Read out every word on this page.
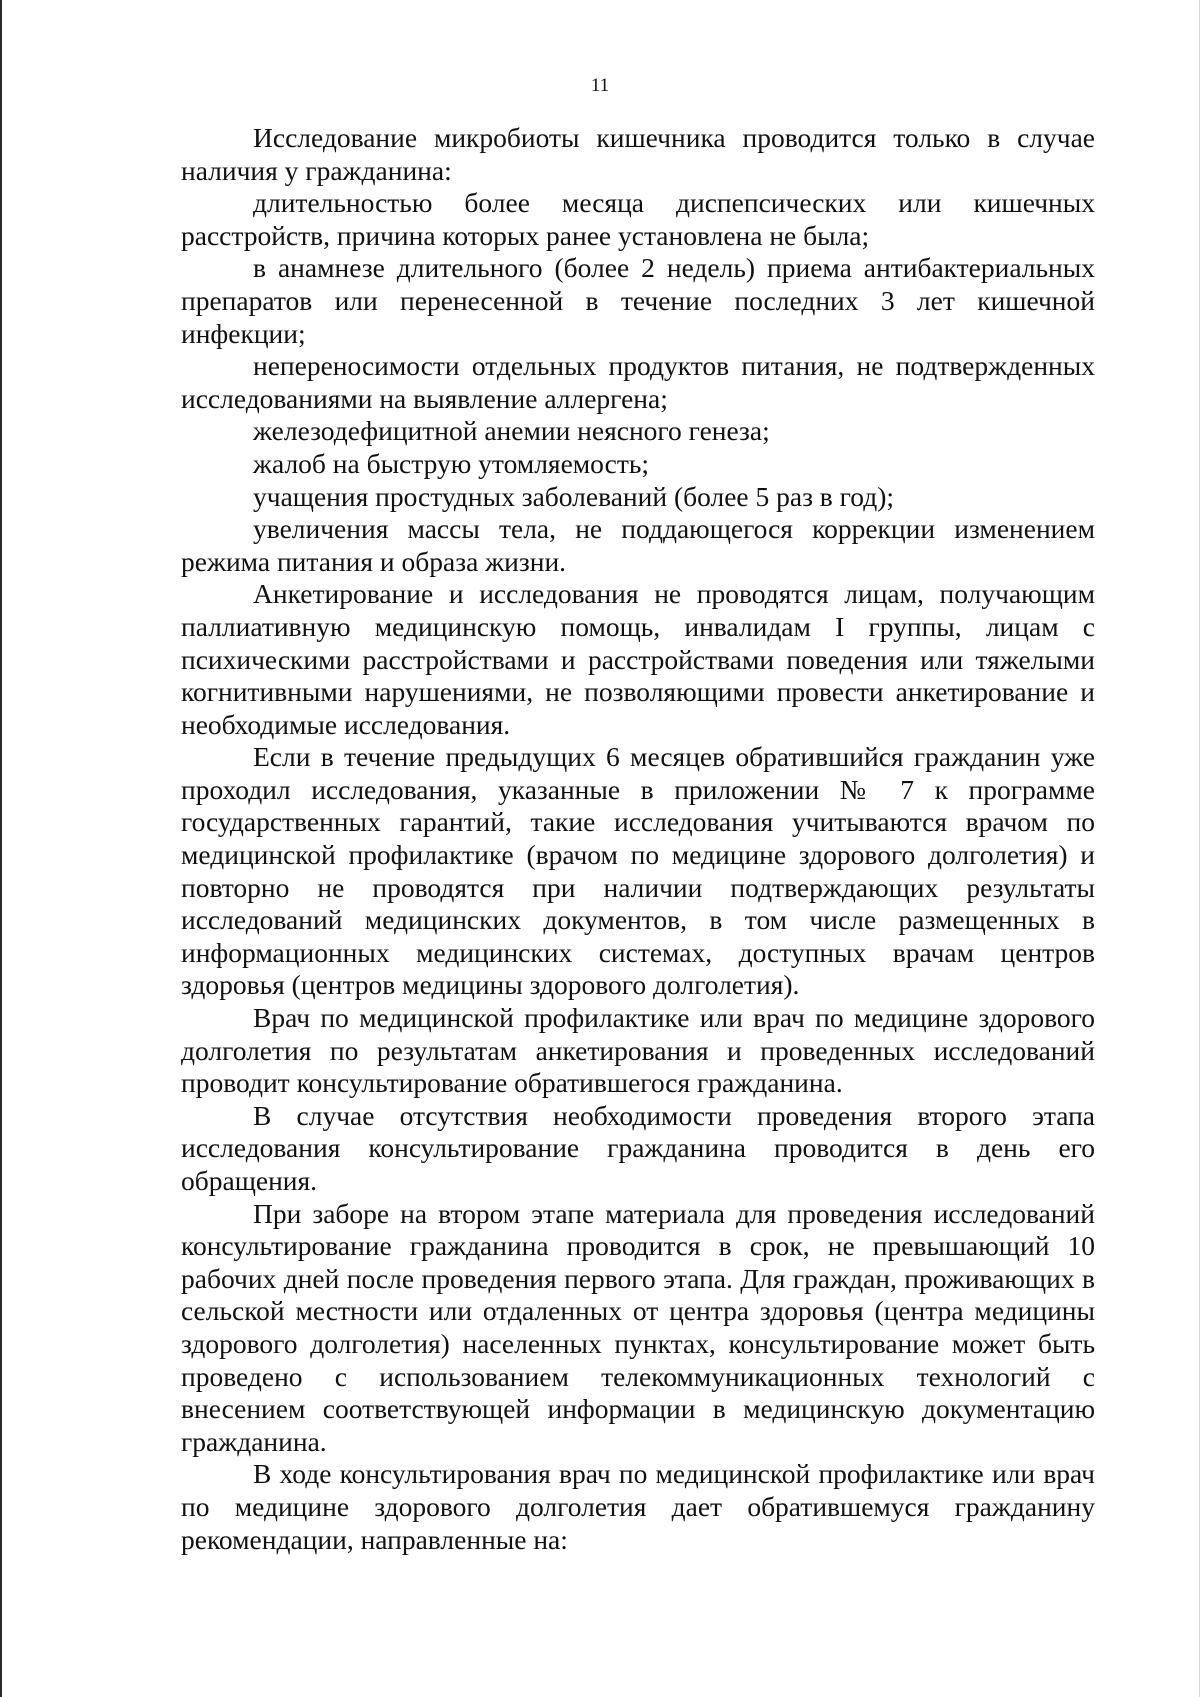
11

Исследование микробиоты кишечника проводится только в случае наличия у гражданина:

длительностью более месяца диспепсических или кишечных расстройств, причина которых ранее установлена не была;

в анамнезе длительного (более 2 недель) приема антибактериальных препаратов или перенесенной в течение последних 3 лет кишечной инфекции;

непереносимости отдельных продуктов питания, не подтвержденных исследованиями на выявление аллергена;

железодефицитной анемии неясного генеза;

жалоб на быструю утомляемость;

учащения простудных заболеваний (более 5 раз в год);

увеличения массы тела, не поддающегося коррекции изменением режима питания и образа жизни.

Анкетирование и исследования не проводятся лицам, получающим паллиативную медицинскую помощь, инвалидам I группы, лицам с психическими расстройствами и расстройствами поведения или тяжелыми когнитивными нарушениями, не позволяющими провести анкетирование и необходимые исследования.

Если в течение предыдущих 6 месяцев обратившийся гражданин уже проходил исследования, указанные в приложении № 7 к программе государственных гарантий, такие исследования учитываются врачом по медицинской профилактике (врачом по медицине здорового долголетия) и повторно не проводятся при наличии подтверждающих результаты исследований медицинских документов, в том числе размещенных в информационных медицинских системах, доступных врачам центров здоровья (центров медицины здорового долголетия).

Врач по медицинской профилактике или врач по медицине здорового долголетия по результатам анкетирования и проведенных исследований проводит консультирование обратившегося гражданина.

В случае отсутствия необходимости проведения второго этапа исследования консультирование гражданина проводится в день его обращения.

При заборе на втором этапе материала для проведения исследований консультирование гражданина проводится в срок, не превышающий 10 рабочих дней после проведения первого этапа. Для граждан, проживающих в сельской местности или отдаленных от центра здоровья (центра медицины здорового долголетия) населенных пунктах, консультирование может быть проведено с использованием телекоммуникационных технологий с внесением соответствующей информации в медицинскую документацию гражданина.

В ходе консультирования врач по медицинской профилактике или врач по медицине здорового долголетия дает обратившемуся гражданину рекомендации, направленные на:
